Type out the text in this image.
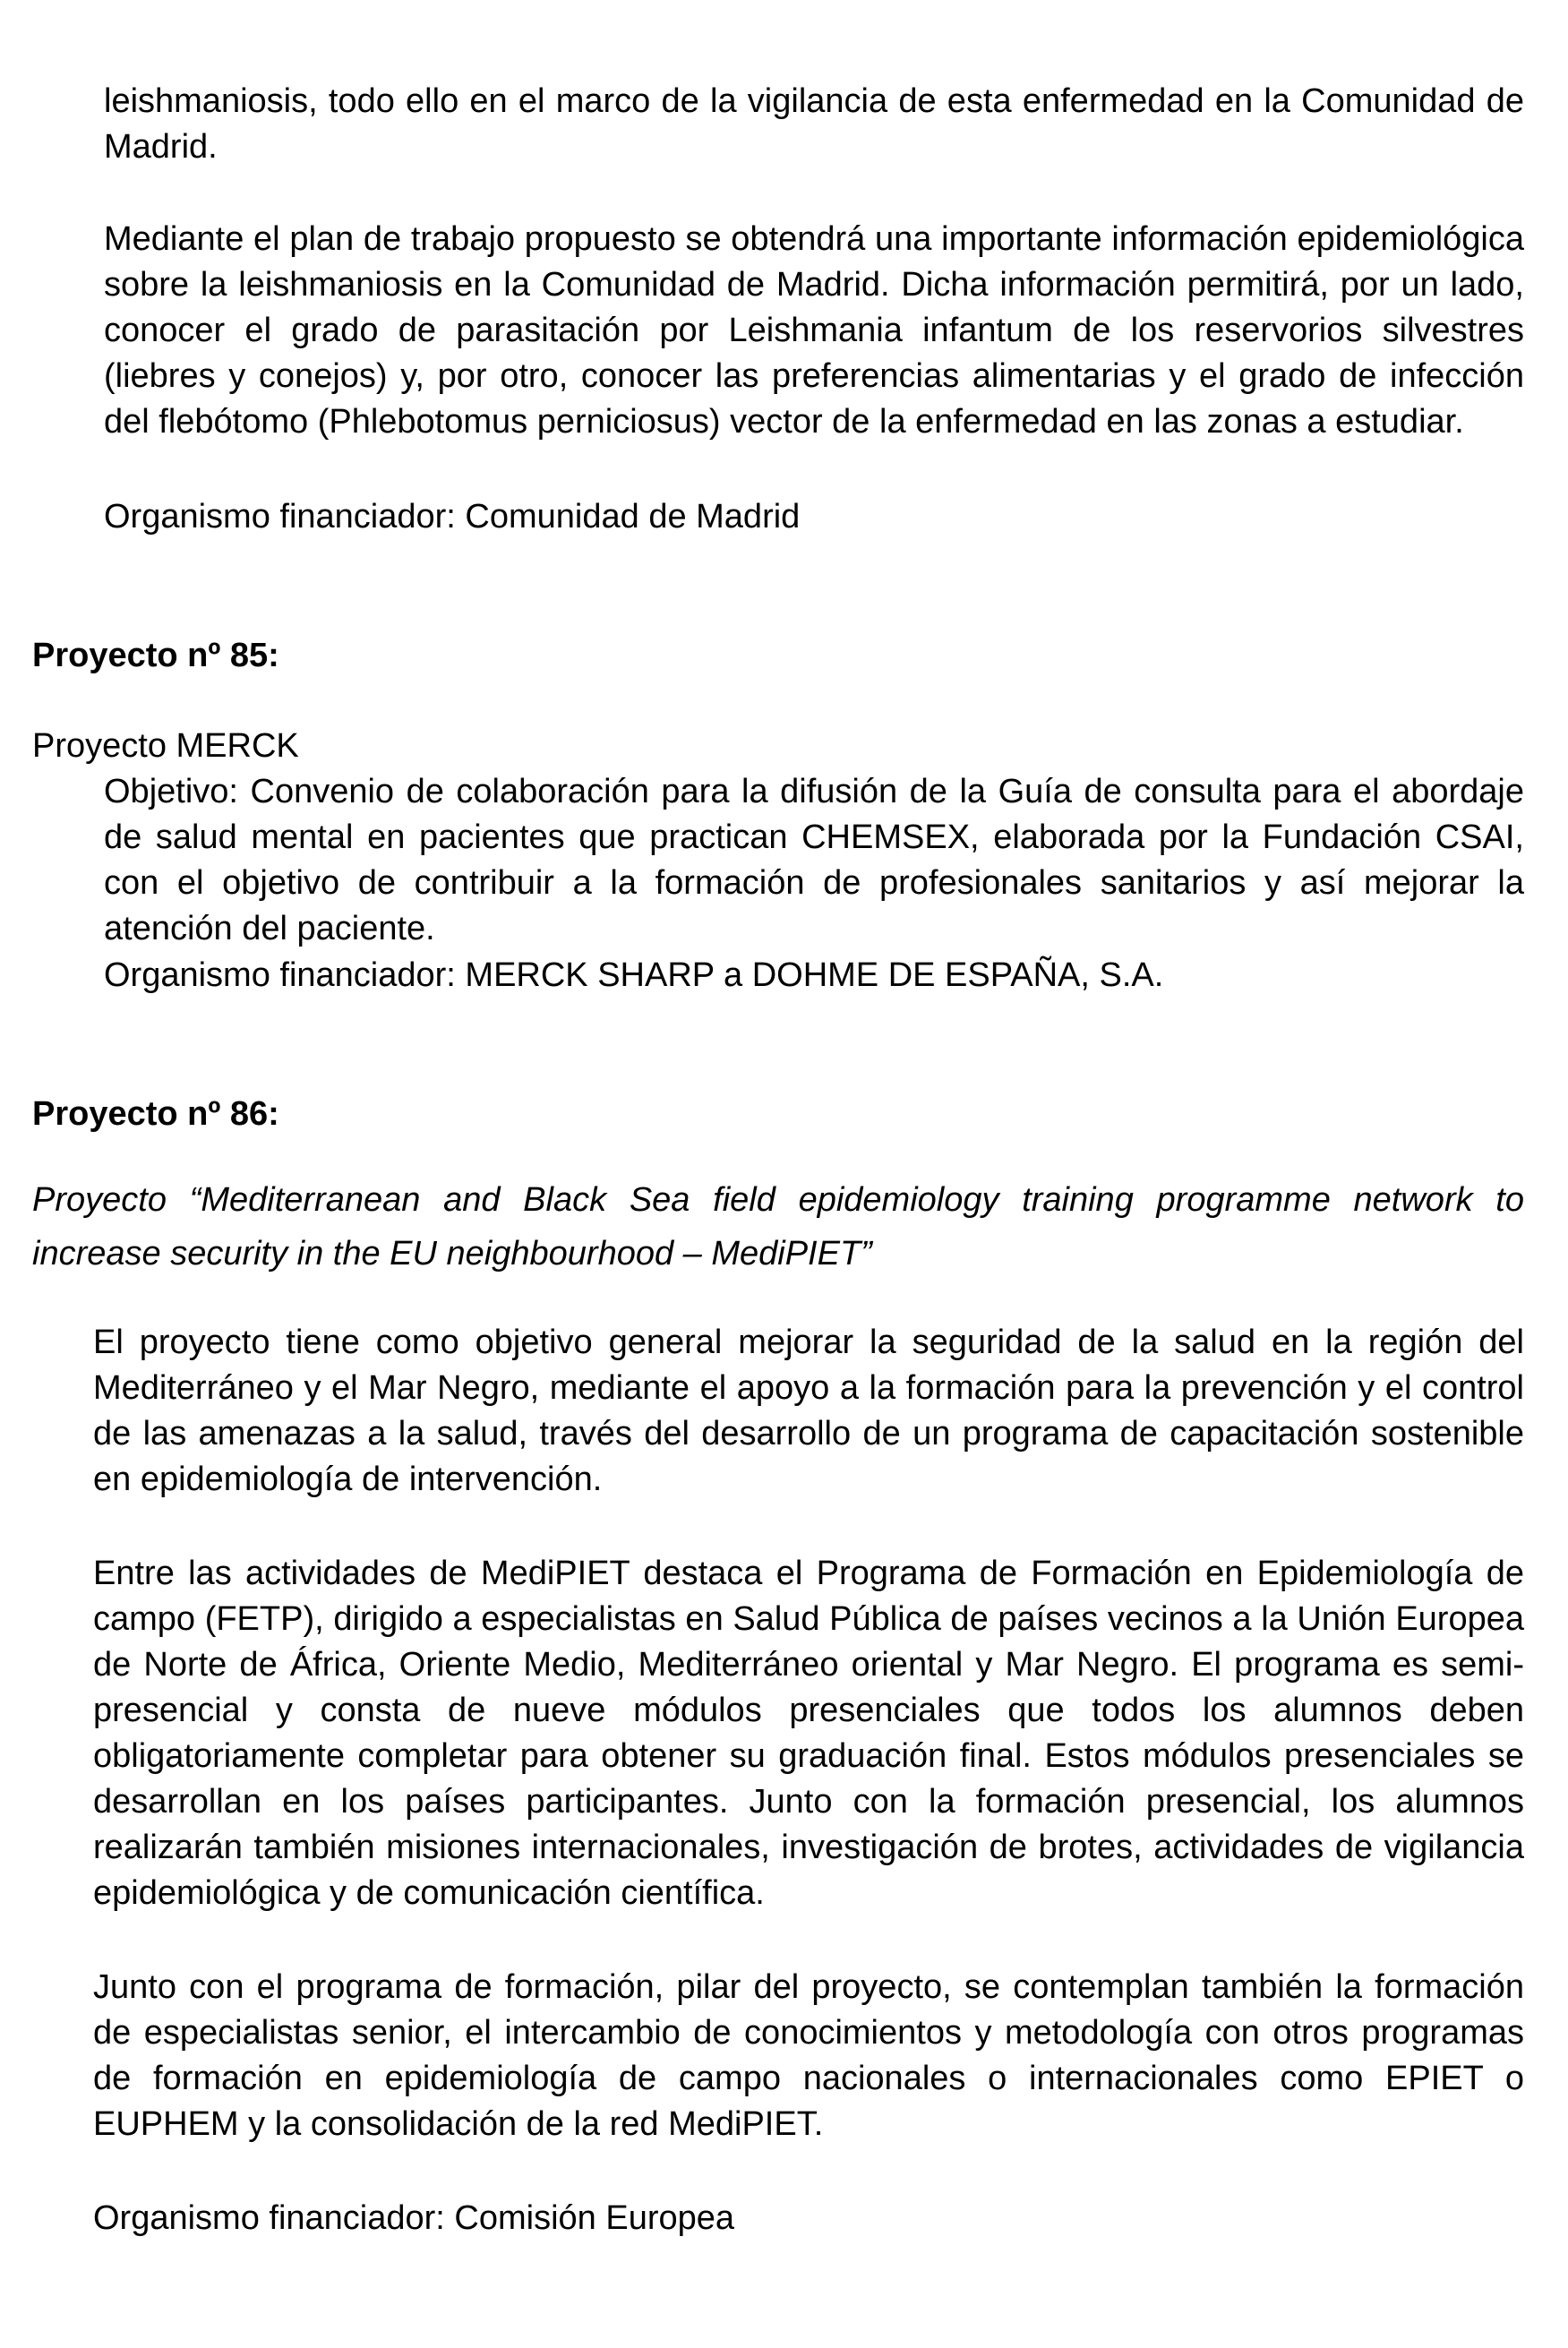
leishmaniosis, todo ello en el marco de la vigilancia de esta enfermedad en la Comunidad de Madrid.

Mediante el plan de trabajo propuesto se obtendrá una importante información epidemiológica sobre la leishmaniosis en la Comunidad de Madrid. Dicha información permitirá, por un lado, conocer el grado de parasitación por Leishmania infantum de los reservorios silvestres (liebres y conejos) y, por otro, conocer las preferencias alimentarias y el grado de infección del flebótomo (Phlebotomus perniciosus) vector de la enfermedad en las zonas a estudiar.

Organismo financiador: Comunidad de Madrid

Proyecto nº 85:

Proyecto MERCK

Objetivo: Convenio de colaboración para la difusión de la Guía de consulta para el abordaje de salud mental en pacientes que practican CHEMSEX, elaborada por la Fundación CSAI, con el objetivo de contribuir a la formación de profesionales sanitarios y así mejorar la atención del paciente.

Organismo financiador: MERCK SHARP a DOHME DE ESPAÑA, S.A.

Proyecto nº 86:

Proyecto “Mediterranean and Black Sea field epidemiology training programme network to increase security in the EU neighbourhood – MediPIET”

El proyecto tiene como objetivo general mejorar la seguridad de la salud en la región del Mediterráneo y el Mar Negro, mediante el apoyo a la formación para la prevención y el control de las amenazas a la salud, través del desarrollo de un programa de capacitación sostenible en epidemiología de intervención.

Entre las actividades de MediPIET destaca el Programa de Formación en Epidemiología de campo (FETP), dirigido a especialistas en Salud Pública de países vecinos a la Unión Europea de Norte de África, Oriente Medio, Mediterráneo oriental y Mar Negro. El programa es semi-presencial y consta de nueve módulos presenciales que todos los alumnos deben obligatoriamente completar para obtener su graduación final. Estos módulos presenciales se desarrollan en los países participantes. Junto con la formación presencial, los alumnos realizarán también misiones internacionales, investigación de brotes, actividades de vigilancia epidemiológica y de comunicación científica.

Junto con el programa de formación, pilar del proyecto, se contemplan también la formación de especialistas senior, el intercambio de conocimientos y metodología con otros programas de formación en epidemiología de campo nacionales o internacionales como EPIET o EUPHEM y la consolidación de la red MediPIET.

Organismo financiador: Comisión Europea
